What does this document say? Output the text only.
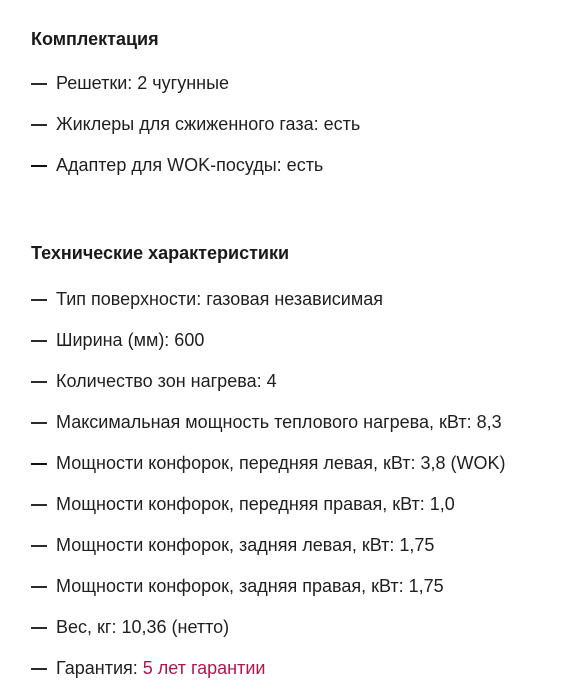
Комплектация
Решетки: 2 чугунные
Жиклеры для сжиженного газа: есть
Адаптер для WOK-посуды: есть
Технические характеристики
Тип поверхности: газовая независимая
Ширина (мм): 600
Количество зон нагрева: 4
Максимальная мощность теплового нагрева, кВт: 8,3
Мощности конфорок, передняя левая, кВт: 3,8 (WOK)
Мощности конфорок, передняя правая, кВт: 1,0
Мощности конфорок, задняя левая, кВт: 1,75
Мощности конфорок, задняя правая, кВт: 1,75
Вес, кг: 10,36 (нетто)
Гарантия: 5 лет гарантии
